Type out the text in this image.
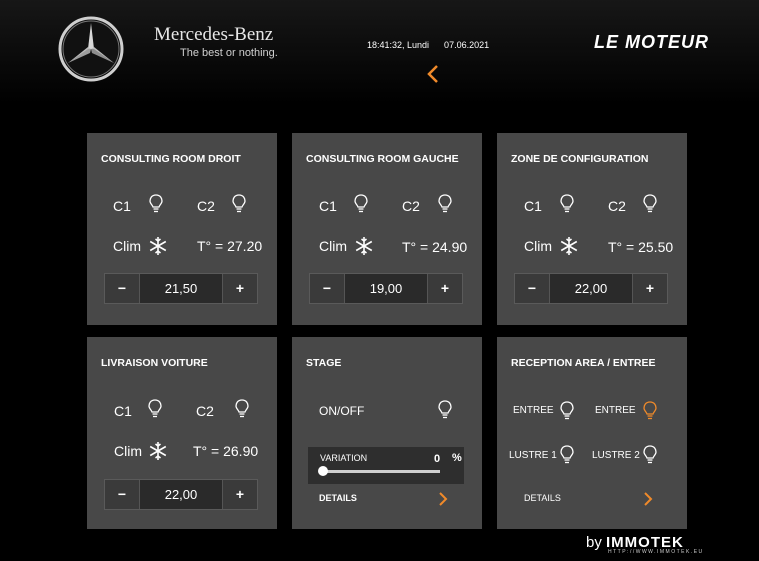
Mercedes-Benz
The best or nothing.
18:41:32, Lundi      07.06.2021	LE MOTEUR
CONSULTING ROOM DROIT
C1	C2
Clim	T° = 27.20
−	21,50	+
CONSULTING ROOM GAUCHE
C1	C2
Clim	T° = 24.90
−	19,00	+
ZONE DE CONFIGURATION
C1	C2
Clim	T° = 25.50
−	22,00	+
LIVRAISON VOITURE
C1	C2
Clim	T° = 26.90
−	22,00	+
STAGE
ON/OFF
VARIATION	0 %
DETAILS
RECEPTION AREA / ENTREE
ENTREE	ENTREE
LUSTRE 1	LUSTRE 2
DETAILS
by IMMOTEK
HTTP://WWW.IMMOTEK.EU
